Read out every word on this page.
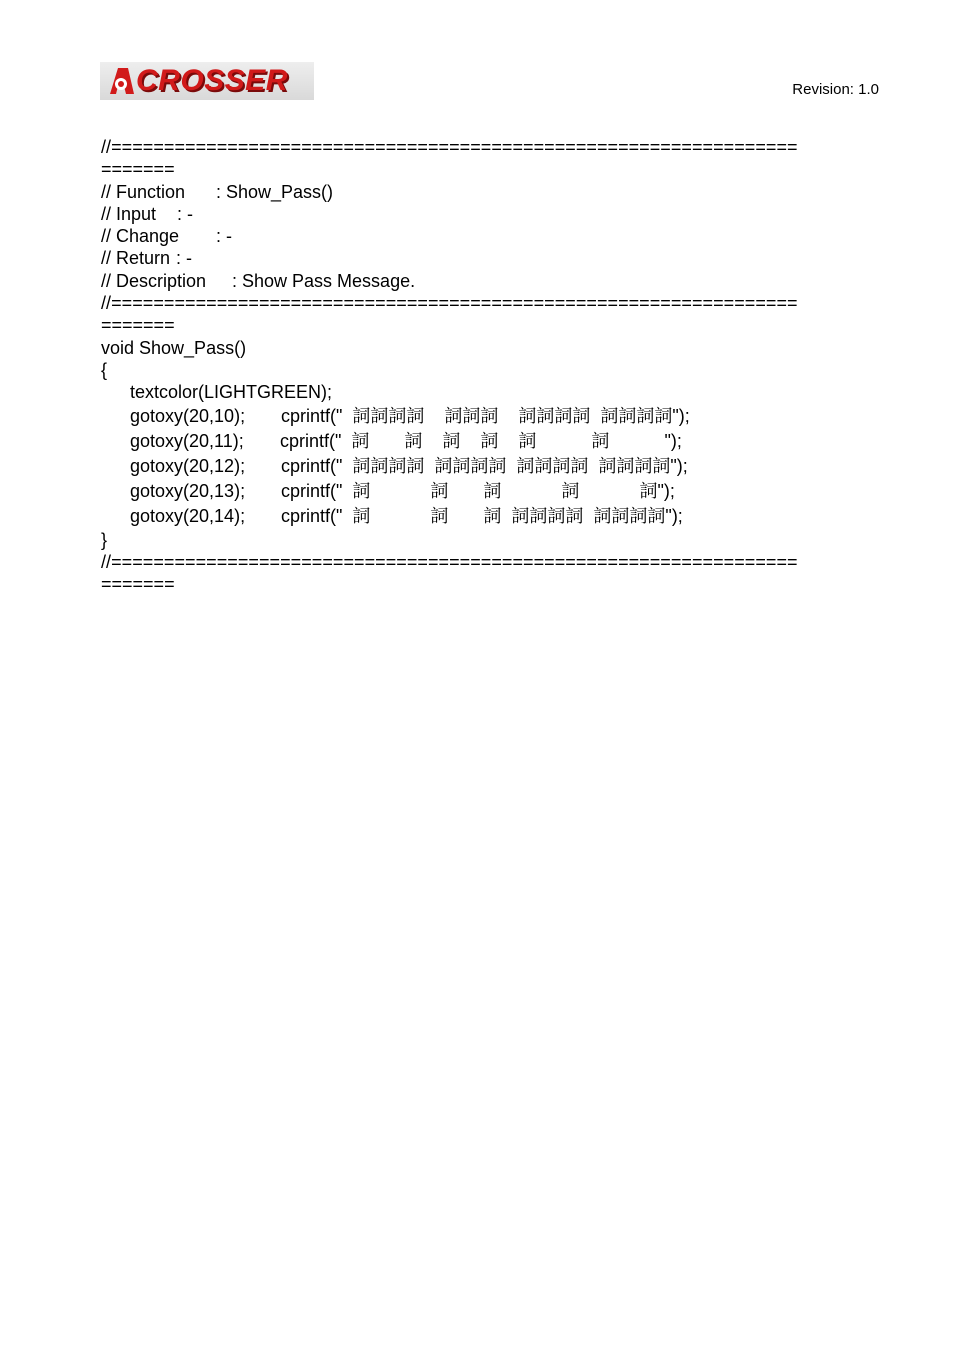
CROSSER	Revision: 1.0
//=================================================================
=======
// Function : Show_Pass()
// Input : -
// Change : -
// Return : -
// Description : Show Pass Message.
//=================================================================
=======
void Show_Pass()
{
textcolor(LIGHTGREEN);
gotoxy(20,10); cprintf("  詞詞詞詞    詞詞詞    詞詞詞詞  詞詞詞詞");
gotoxy(20,11); cprintf("  詞       詞    詞    詞    詞           詞           ");
gotoxy(20,12); cprintf("  詞詞詞詞  詞詞詞詞  詞詞詞詞  詞詞詞詞");
gotoxy(20,13); cprintf("  詞            詞       詞            詞            詞");
gotoxy(20,14); cprintf("  詞            詞       詞  詞詞詞詞  詞詞詞詞");
}
//=================================================================
=======
